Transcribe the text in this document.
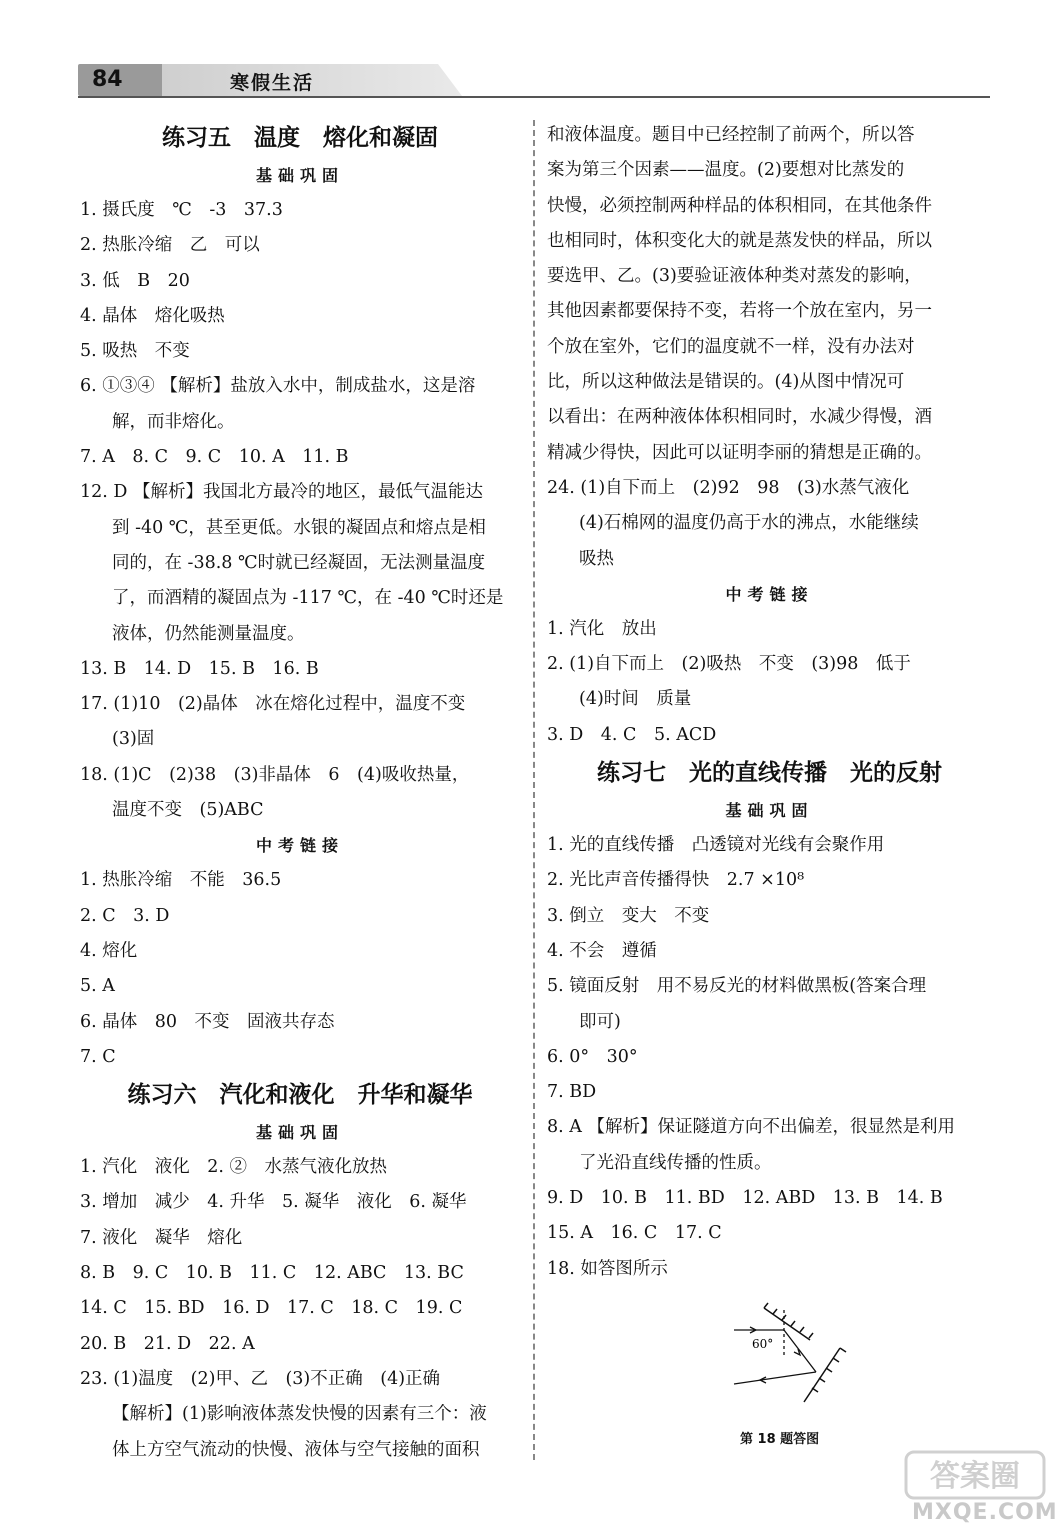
84	寒假生活
练习五　温度　熔化和凝固
基础巩固
1. 摄氏度　℃　-3　37.3
2. 热胀冷缩　乙　可以
3. 低　B　20
4. 晶体　熔化吸热
5. 吸热　不变
6. ①③④ 【解析】盐放入水中，制成盐水，这是溶
解，而非熔化。
7. A　8. C　9. C　10. A　11. B
12. D 【解析】我国北方最冷的地区，最低气温能达
到 -40 ℃，甚至更低。水银的凝固点和熔点是相
同的，在 -38.8 ℃时就已经凝固，无法测量温度
了，而酒精的凝固点为 -117 ℃，在 -40 ℃时还是
液体，仍然能测量温度。
13. B　14. D　15. B　16. B
17. (1)10　(2)晶体　冰在熔化过程中，温度不变
(3)固
18. (1)C　(2)38　(3)非晶体　6　(4)吸收热量，
温度不变　(5)ABC
中考链接
1. 热胀冷缩　不能　36.5
2. C　3. D
4. 熔化
5. A
6. 晶体　80　不变　固液共存态
7. C
练习六　汽化和液化　升华和凝华
基础巩固
1. 汽化　液化　2. ②　水蒸气液化放热
3. 增加　减少　4. 升华　5. 凝华　液化　6. 凝华
7. 液化　凝华　熔化
8. B　9. C　10. B　11. C　12. ABC　13. BC
14. C　15. BD　16. D　17. C　18. C　19. C
20. B　21. D　22. A
23. (1)温度　(2)甲、乙　(3)不正确　(4)正确
【解析】(1)影响液体蒸发快慢的因素有三个：液
体上方空气流动的快慢、液体与空气接触的面积
和液体温度。题目中已经控制了前两个，所以答
案为第三个因素——温度。(2)要想对比蒸发的
快慢，必须控制两种样品的体积相同，在其他条件
也相同时，体积变化大的就是蒸发快的样品，所以
要选甲、乙。(3)要验证液体种类对蒸发的影响，
其他因素都要保持不变，若将一个放在室内，另一
个放在室外，它们的温度就不一样，没有办法对
比，所以这种做法是错误的。(4)从图中情况可
以看出：在两种液体体积相同时，水减少得慢，酒
精减少得快，因此可以证明李丽的猜想是正确的。
24. (1)自下而上　(2)92　98　(3)水蒸气液化
(4)石棉网的温度仍高于水的沸点，水能继续
吸热
中考链接
1. 汽化　放出
2. (1)自下而上　(2)吸热　不变　(3)98　低于
(4)时间　质量
3. D　4. C　5. ACD
练习七　光的直线传播　光的反射
基础巩固
1. 光的直线传播　凸透镜对光线有会聚作用
2. 光比声音传播得快　2.7 ×10⁸
3. 倒立　变大　不变
4. 不会　遵循
5. 镜面反射　用不易反光的材料做黑板(答案合理
即可)
6. 0°　30°
7. BD
8. A 【解析】保证隧道方向不出偏差，很显然是利用
了光沿直线传播的性质。
9. D　10. B　11. BD　12. ABD　13. B　14. B
15. A　16. C　17. C
18. 如答图所示
60°
第 18 题答图
答案圈
MXQE.COM
